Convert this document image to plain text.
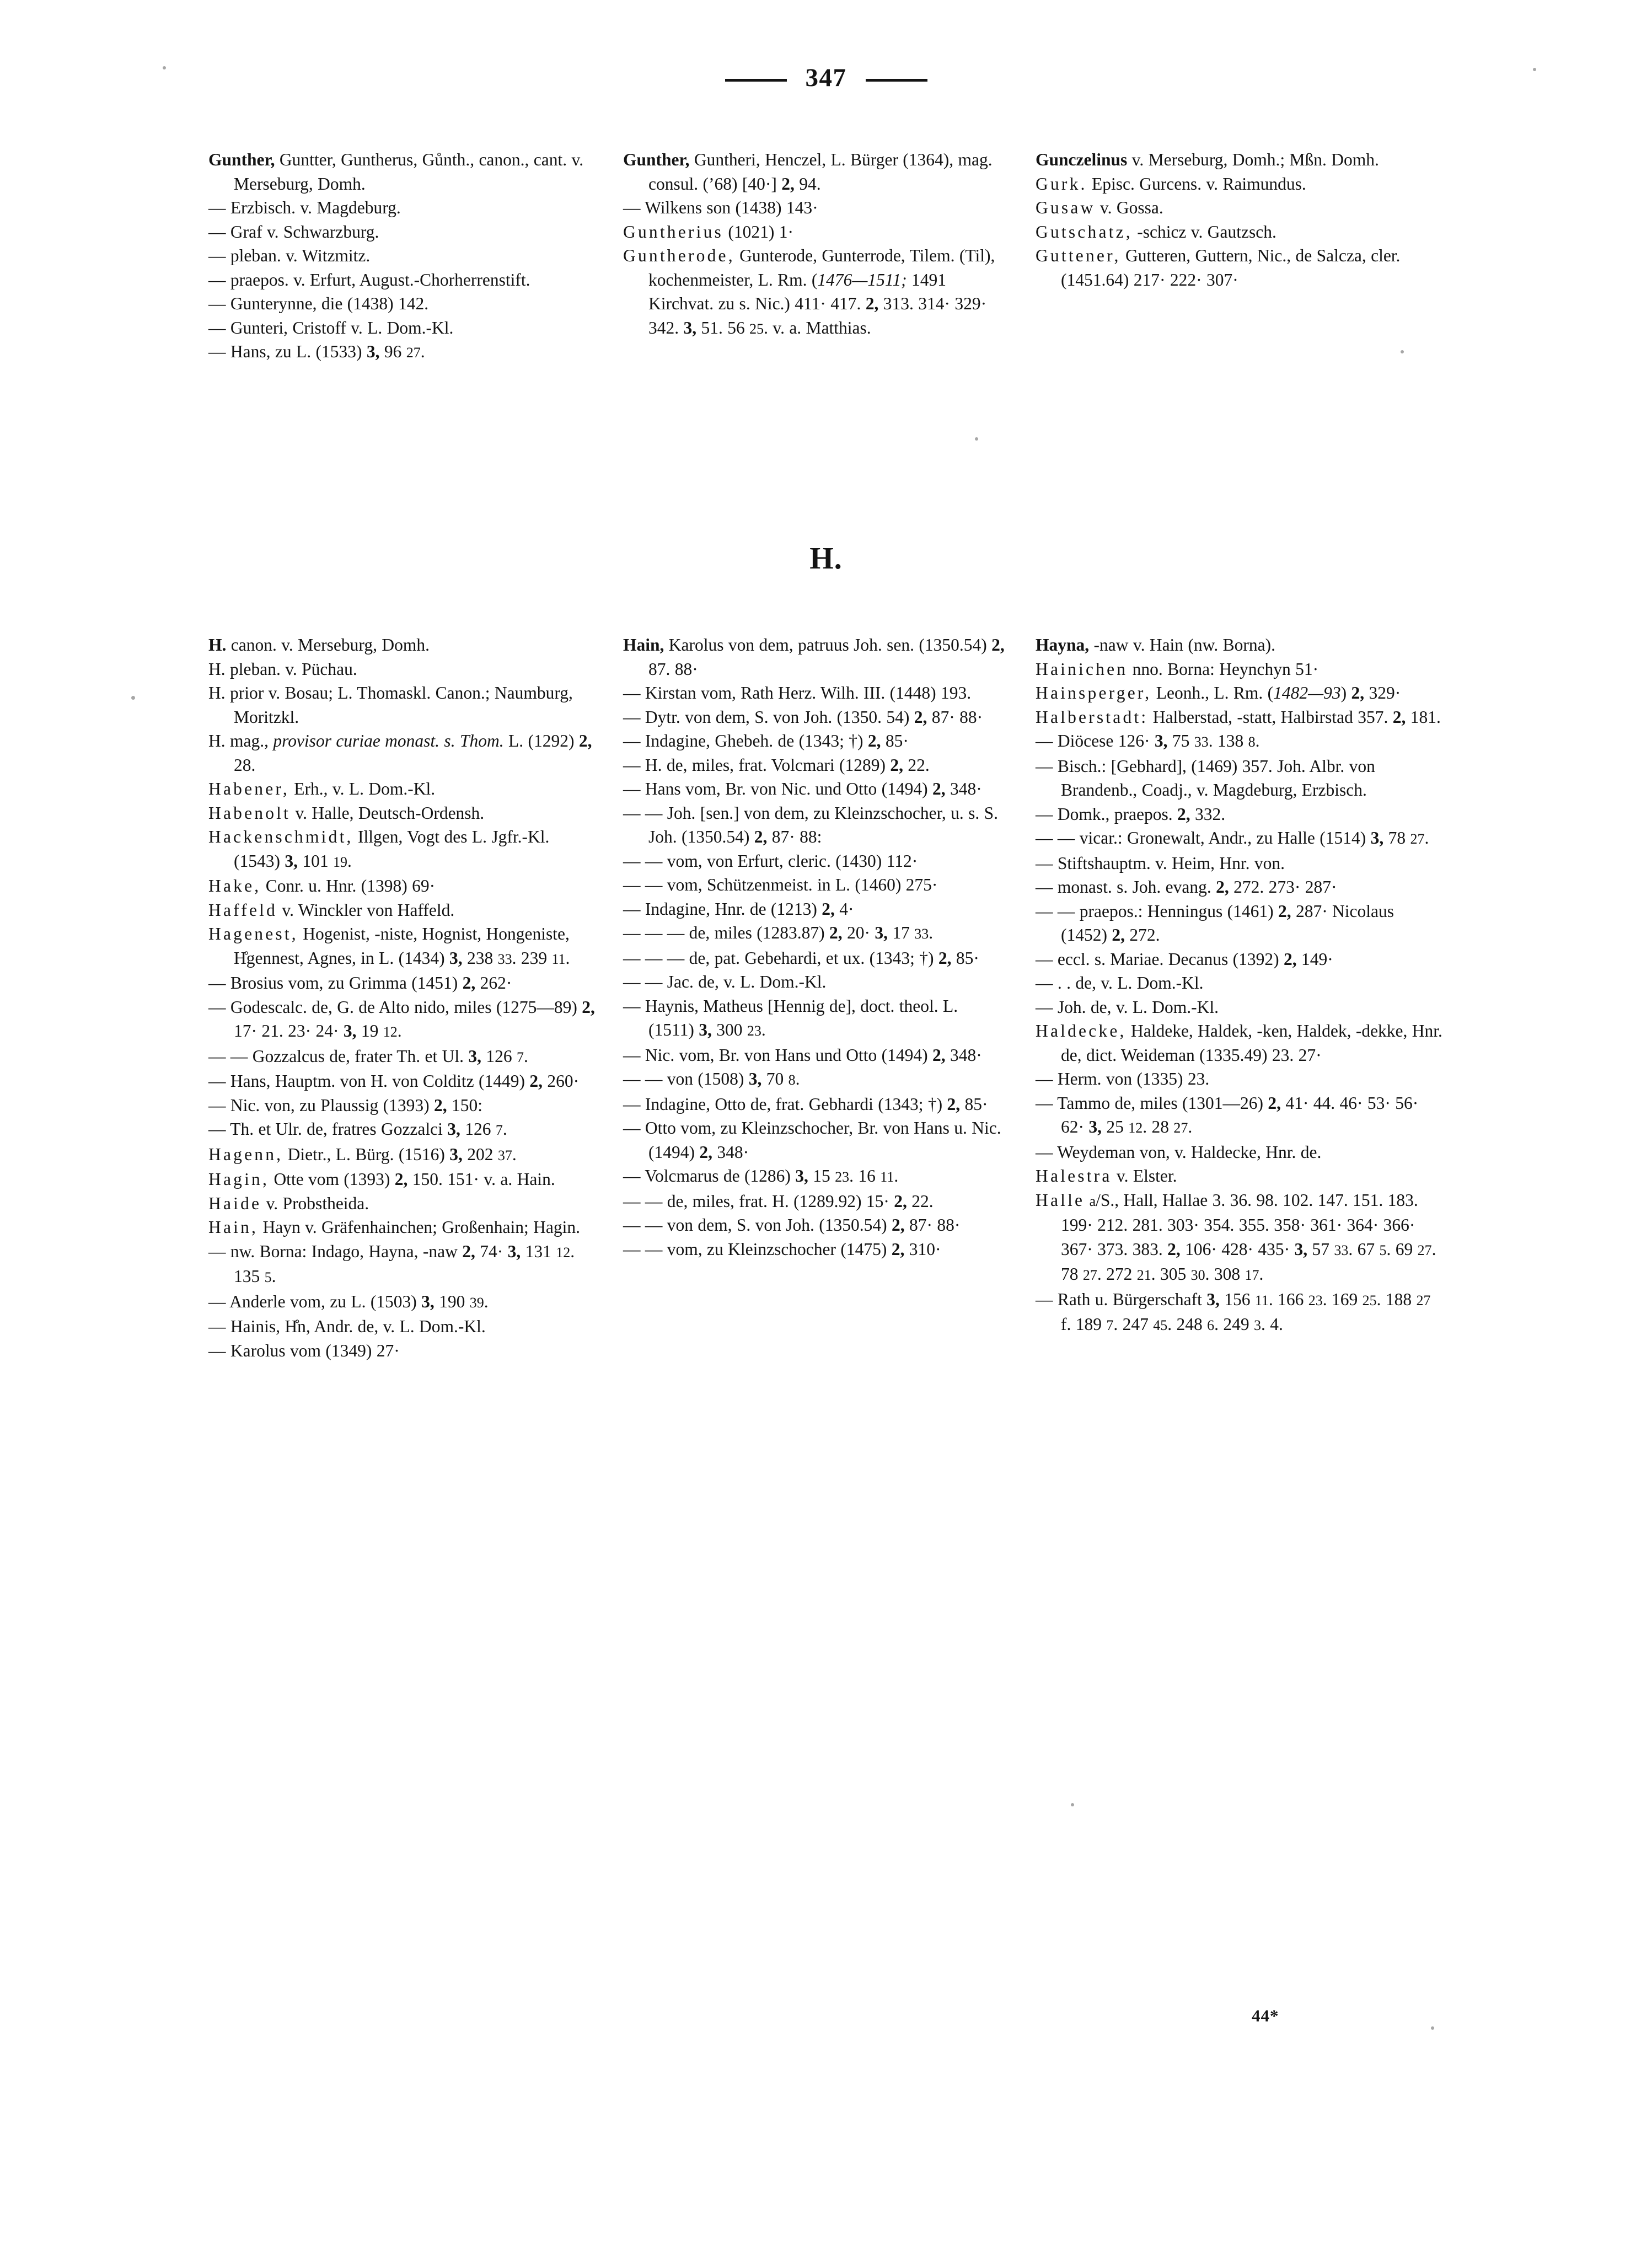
347
Gunther, Guntter, Guntherus, Gůnth., canon., cant. v. Merseburg, Domh.
— Erzbisch. v. Magdeburg.
— Graf v. Schwarzburg.
— pleban. v. Witzmitz.
— praepos. v. Erfurt, August.-Chorherrenstift.
— Gunterynne, die (1438) 142.
— Gunteri, Cristoff v. L. Dom.-Kl.
— Hans, zu L. (1533) 3, 96 27.
Gunther, Guntheri, Henczel, L. Bürger (1364), mag. consul. (’68) [40·] 2, 94.
— Wilkens son (1438) 143·
Guntherius (1021) 1·
Guntherode, Gunterode, Gunterrode, Tilem. (Til), kochenmeister, L. Rm. (1476—1511; 1491 Kirchvat. zu s. Nic.) 411· 417. 2, 313. 314· 329· 342. 3, 51. 56 25. v. a. Matthias.
Gunczelinus v. Merseburg, Domh.; Mßn. Domh.
Gurk. Episc. Gurcens. v. Raimundus.
Gusaw v. Gossa.
Gutschatz, -schicz v. Gautzsch.
Guttener, Gutteren, Guttern, Nic., de Salcza, cler. (1451.64) 217· 222· 307·
H.
H. canon. v. Merseburg, Domh.
H. pleban. v. Püchau.
H. prior v. Bosau; L. Thomaskl. Canon.; Naumburg, Moritzkl.
H. mag., provisor curiae monast. s. Thom. L. (1292) 2, 28.
Habener, Erh., v. L. Dom.-Kl.
Habenolt v. Halle, Deutsch-Ordensh.
Hackenschmidt, Illgen, Vogt des L. Jgfr.-Kl. (1543) 3, 101 19.
Hake, Conr. u. Hnr. (1398) 69·
Haffeld v. Winckler von Haffeld.
Hagenest, Hogenist, -niste, Hognist, Hongeniste, H̊gennest, Agnes, in L. (1434) 3, 238 33. 239 11.
— Brosius vom, zu Grimma (1451) 2, 262·
— Godescalc. de, G. de Alto nido, miles (1275—89) 2, 17· 21. 23· 24· 3, 19 12.
— — Gozzalcus de, frater Th. et Ul. 3, 126 7.
— Hans, Hauptm. von H. von Colditz (1449) 2, 260·
— Nic. von, zu Plaussig (1393) 2, 150:
— Th. et Ulr. de, fratres Gozzalci 3, 126 7.
Hagenn, Dietr., L. Bürg. (1516) 3, 202 37.
Hagin, Otte vom (1393) 2, 150. 151· v. a. Hain.
Haide v. Probstheida.
Hain, Hayn v. Gräfenhainchen; Großenhain; Hagin.
— nw. Borna: Indago, Hayna, -naw 2, 74· 3, 131 12. 135 5.
— Anderle vom, zu L. (1503) 3, 190 39.
— Hainis, H̊n, Andr. de, v. L. Dom.-Kl.
— Karolus vom (1349) 27·
Hain, Karolus von dem, patruus Joh. sen. (1350.54) 2, 87. 88·
— Kirstan vom, Rath Herz. Wilh. III. (1448) 193.
— Dytr. von dem, S. von Joh. (1350. 54) 2, 87· 88·
— Indagine, Ghebeh. de (1343; †) 2, 85·
— H. de, miles, frat. Volcmari (1289) 2, 22.
— Hans vom, Br. von Nic. und Otto (1494) 2, 348·
— — Joh. [sen.] von dem, zu Kleinzschocher, u. s. S. Joh. (1350.54) 2, 87· 88:
— — vom, von Erfurt, cleric. (1430) 112·
— — vom, Schützenmeist. in L. (1460) 275·
— Indagine, Hnr. de (1213) 2, 4·
— — — de, miles (1283.87) 2, 20· 3, 17 33.
— — — de, pat. Gebehardi, et ux. (1343; †) 2, 85·
— — Jac. de, v. L. Dom.-Kl.
— Haynis, Matheus [Hennig de], doct. theol. L. (1511) 3, 300 23.
— Nic. vom, Br. von Hans und Otto (1494) 2, 348·
— — von (1508) 3, 70 8.
— Indagine, Otto de, frat. Gebhardi (1343; †) 2, 85·
— Otto vom, zu Kleinzschocher, Br. von Hans u. Nic. (1494) 2, 348·
— Volcmarus de (1286) 3, 15 23. 16 11.
— — de, miles, frat. H. (1289.92) 15· 2, 22.
— — von dem, S. von Joh. (1350.54) 2, 87· 88·
— — vom, zu Kleinzschocher (1475) 2, 310·
Hayna, -naw v. Hain (nw. Borna).
Hainichen nno. Borna: Heynchyn 51·
Hainsperger, Leonh., L. Rm. (1482—93) 2, 329·
Halberstadt: Halberstad, -statt, Halbirstad 357. 2, 181.
— Diöcese 126· 3, 75 33. 138 8.
— Bisch.: [Gebhard], (1469) 357. Joh. Albr. von Brandenb., Coadj., v. Magdeburg, Erzbisch.
— Domk., praepos. 2, 332.
— — vicar.: Gronewalt, Andr., zu Halle (1514) 3, 78 27.
— Stiftshauptm. v. Heim, Hnr. von.
— monast. s. Joh. evang. 2, 272. 273· 287·
— — praepos.: Henningus (1461) 2, 287· Nicolaus (1452) 2, 272.
— eccl. s. Mariae. Decanus (1392) 2, 149·
— . . de, v. L. Dom.-Kl.
— Joh. de, v. L. Dom.-Kl.
Haldecke, Haldeke, Haldek, -ken, Haldek, -dekke, Hnr. de, dict. Weideman (1335.49) 23. 27·
— Herm. von (1335) 23.
— Tammo de, miles (1301—26) 2, 41· 44. 46· 53· 56· 62· 3, 25 12. 28 27.
— Weydeman von, v. Haldecke, Hnr. de.
Halestra v. Elster.
Halle a/S., Hall, Hallae 3. 36. 98. 102. 147. 151. 183. 199· 212. 281. 303· 354. 355. 358· 361· 364· 366· 367· 373. 383. 2, 106· 428· 435· 3, 57 33. 67 5. 69 27. 78 27. 272 21. 305 30. 308 17.
— Rath u. Bürgerschaft 3, 156 11. 166 23. 169 25. 188 27 f. 189 7. 247 45. 248 6. 249 3. 4.
44*
